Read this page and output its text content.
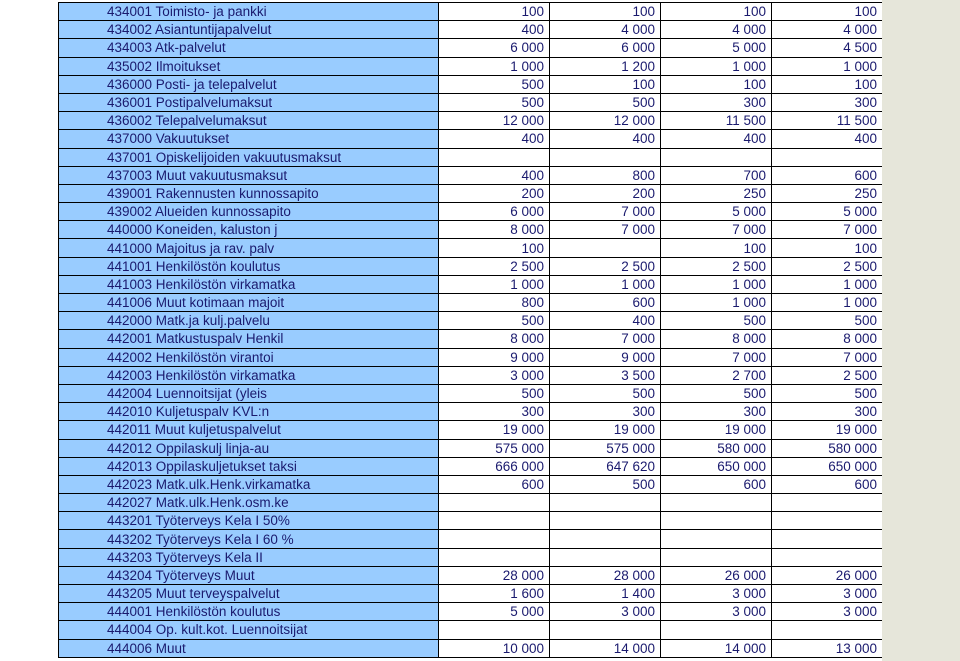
434001 Toimisto- ja pankki	100	100	100	100
434002 Asiantuntijapalvelut	400	4 000	4 000	4 000
434003 Atk-palvelut	6 000	6 000	5 000	4 500
435002 Ilmoitukset	1 000	1 200	1 000	1 000
436000 Posti- ja telepalvelut	500	100	100	100
436001 Postipalvelumaksut	500	500	300	300
436002 Telepalvelumaksut	12 000	12 000	11 500	11 500
437000 Vakuutukset	400	400	400	400
437001 Opiskelijoiden vakuutusmaksut				
437003 Muut vakuutusmaksut	400	800	700	600
439001 Rakennusten kunnossapito	200	200	250	250
439002 Alueiden kunnossapito	6 000	7 000	5 000	5 000
440000 Koneiden, kaluston j	8 000	7 000	7 000	7 000
441000 Majoitus ja rav. palv	100		100	100
441001 Henkilöstön koulutus	2 500	2 500	2 500	2 500
441003 Henkilöstön virkamatka	1 000	1 000	1 000	1 000
441006 Muut kotimaan majoit	800	600	1 000	1 000
442000 Matk.ja kulj.palvelu	500	400	500	500
442001 Matkustuspalv Henkil	8 000	7 000	8 000	8 000
442002 Henkilöstön virantoi	9 000	9 000	7 000	7 000
442003 Henkilöstön virkamatka	3 000	3 500	2 700	2 500
442004 Luennoitsijat (yleis	500	500	500	500
442010 Kuljetuspalv KVL:n	300	300	300	300
442011 Muut kuljetuspalvelut	19 000	19 000	19 000	19 000
442012 Oppilaskulj linja-au	575 000	575 000	580 000	580 000
442013 Oppilaskuljetukset taksi	666 000	647 620	650 000	650 000
442023 Matk.ulk.Henk.virkamatka	600	500	600	600
442027 Matk.ulk.Henk.osm.ke				
443201 Työterveys Kela I 50%				
443202 Työterveys Kela I 60 %				
443203 Työterveys Kela II				
443204 Työterveys Muut	28 000	28 000	26 000	26 000
443205 Muut terveyspalvelut	1 600	1 400	3 000	3 000
444001 Henkilöstön koulutus	5 000	3 000	3 000	3 000
444004 Op. kult.kot. Luennoitsijat				
444006 Muut	10 000	14 000	14 000	13 000
